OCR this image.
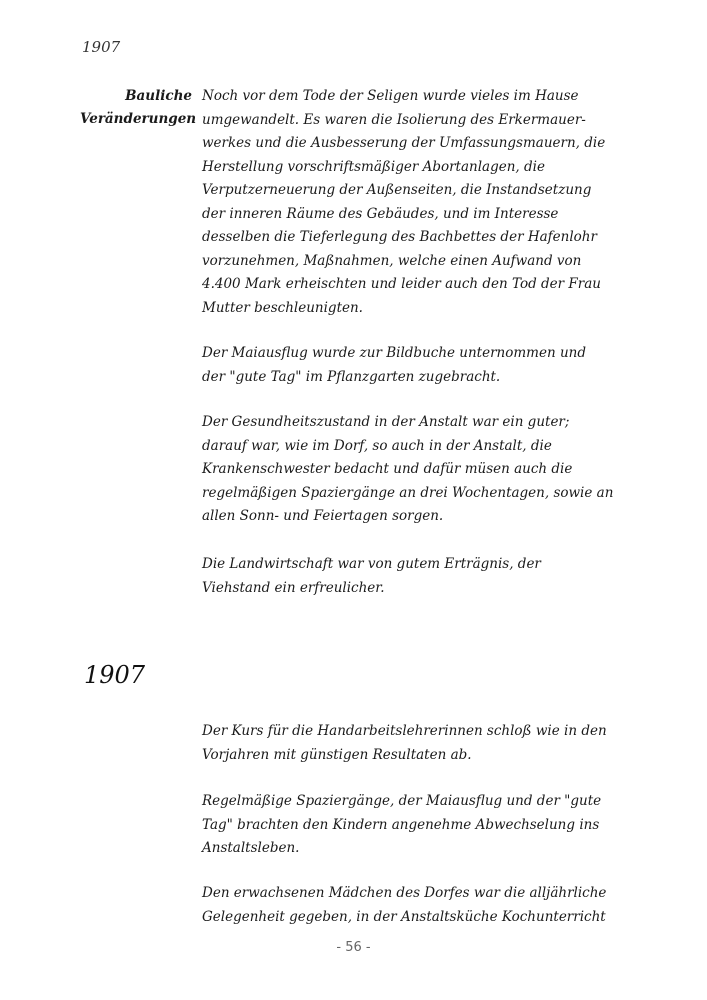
1907
Bauliche
Veränderungen
Noch vor dem Tode der Seligen wurde vieles im Hause
umgewandelt. Es waren die Isolierung des Erkermauer-
werkes und die Ausbesserung der Umfassungsmauern, die
Herstellung vorschriftsmäßiger Abortanlagen, die
Verputzerneuerung der Außenseiten, die Instandsetzung
der inneren Räume des Gebäudes, und im Interesse
desselben die Tieferlegung des Bachbettes der Hafenlohr
vorzunehmen, Maßnahmen, welche einen Aufwand von
4.400 Mark erheischten und leider auch den Tod der Frau
Mutter beschleunigten.
Der Maiausflug wurde zur Bildbuche unternommen und
der "gute Tag" im Pflanzgarten zugebracht.
Der Gesundheitszustand in der Anstalt war ein guter;
darauf war, wie im Dorf, so auch in der Anstalt, die
Krankenschwester bedacht und dafür müsen auch die
regelmäßigen Spaziergänge an drei Wochentagen, sowie an
allen Sonn- und Feiertagen sorgen.
Die Landwirtschaft war von gutem Erträgnis, der
Viehstand ein erfreulicher.
1907
Der Kurs für die Handarbeitslehrerinnen schloß wie in den
Vorjahren mit günstigen Resultaten ab.
Regelmäßige Spaziergänge, der Maiausflug und der "gute
Tag" brachten den Kindern angenehme Abwechselung ins
Anstaltsleben.
Den erwachsenen Mädchen des Dorfes war die alljährliche
Gelegenheit gegeben, in der Anstaltsküche Kochunterricht
- 56 -
